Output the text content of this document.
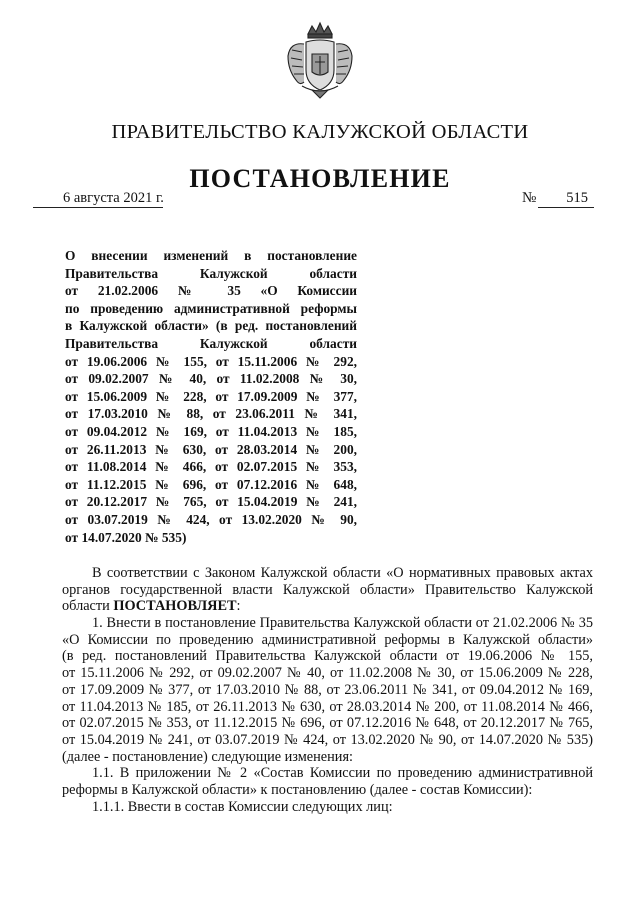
ПРАВИТЕЛЬСТВО КАЛУЖСКОЙ ОБЛАСТИ
ПОСТАНОВЛЕНИЕ
6 августа 2021 г.	№	515
О внесении изменений в постановление
Правительства Калужской области
от 21.02.2006 № 35 «О Комиссии
по проведению административной реформы
в Калужской области» (в ред. постановлений
Правительства Калужской области
от 19.06.2006 № 155, от 15.11.2006 № 292,
от 09.02.2007 № 40, от 11.02.2008 № 30,
от 15.06.2009 № 228, от 17.09.2009 № 377,
от 17.03.2010 № 88, от 23.06.2011 № 341,
от 09.04.2012 № 169, от 11.04.2013 № 185,
от 26.11.2013 № 630, от 28.03.2014 № 200,
от 11.08.2014 № 466, от 02.07.2015 № 353,
от 11.12.2015 № 696, от 07.12.2016 № 648,
от 20.12.2017 № 765, от 15.04.2019 № 241,
от 03.07.2019 № 424, от 13.02.2020 № 90,
от 14.07.2020 № 535)
В соответствии с Законом Калужской области «О нормативных правовых актах
органов государственной власти Калужской области» Правительство Калужской
области ПОСТАНОВЛЯЕТ:
1. Внести в постановление Правительства Калужской области от 21.02.2006 № 35
«О Комиссии по проведению административной реформы в Калужской области»
(в ред. постановлений Правительства Калужской области от 19.06.2006 № 155,
от 15.11.2006 № 292, от 09.02.2007 № 40, от 11.02.2008 № 30, от 15.06.2009 № 228,
от 17.09.2009 № 377, от 17.03.2010 № 88, от 23.06.2011 № 341, от 09.04.2012 № 169,
от 11.04.2013 № 185, от 26.11.2013 № 630, от 28.03.2014 № 200, от 11.08.2014 № 466,
от 02.07.2015 № 353, от 11.12.2015 № 696, от 07.12.2016 № 648, от 20.12.2017 № 765,
от 15.04.2019 № 241, от 03.07.2019 № 424, от 13.02.2020 № 90, от 14.07.2020 № 535)
(далее - постановление) следующие изменения:
1.1. В приложении № 2 «Состав Комиссии по проведению административной
реформы в Калужской области» к постановлению (далее - состав Комиссии):
1.1.1. Ввести в состав Комиссии следующих лиц:
